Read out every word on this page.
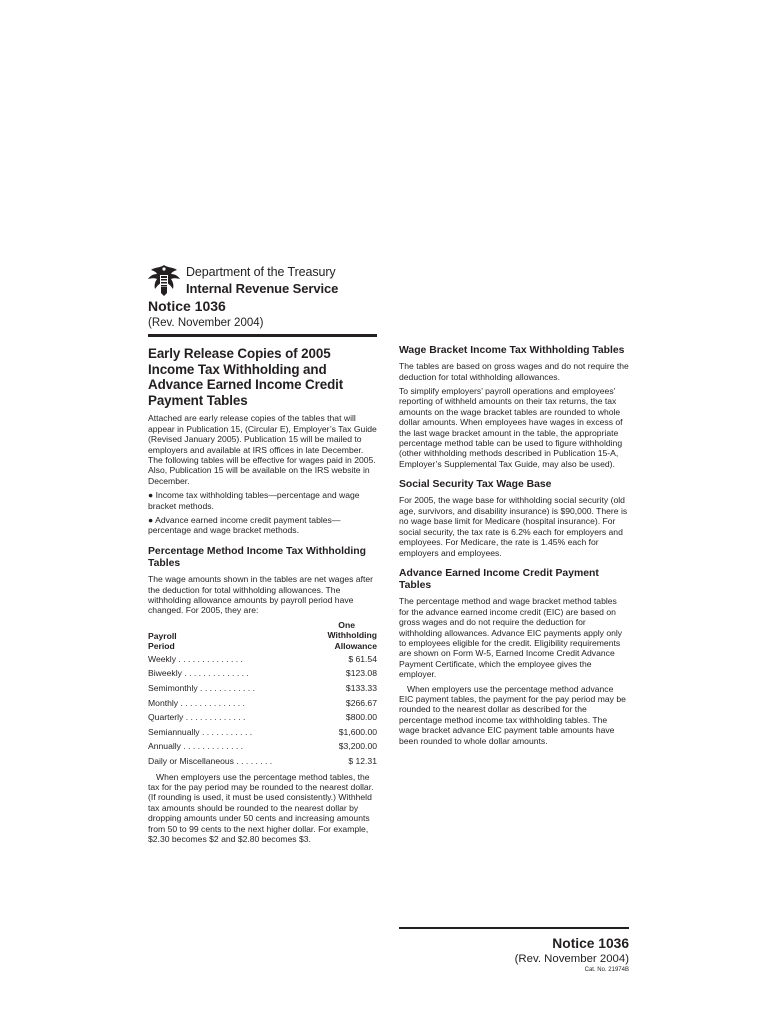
Department of the Treasury
Internal Revenue Service
Notice 1036
(Rev. November 2004)
Early Release Copies of 2005 Income Tax Withholding and Advance Earned Income Credit Payment Tables
Attached are early release copies of the tables that will appear in Publication 15, (Circular E), Employer’s Tax Guide (Revised January 2005). Publication 15 will be mailed to employers and available at IRS offices in late December. The following tables will be effective for wages paid in 2005. Also, Publication 15 will be available on the IRS website in December.
● Income tax withholding tables—percentage and wage bracket methods.
● Advance earned income credit payment tables—percentage and wage bracket methods.
Percentage Method Income Tax Withholding Tables
The wage amounts shown in the tables are net wages after the deduction for total withholding allowances. The withholding allowance amounts by payroll period have changed. For 2005, they are:
Payroll
Period
One
Withholding
Allowance
Weekly . . . . . . . . . . . . . .	$ 61.54
Biweekly . . . . . . . . . . . . . .	$123.08
Semimonthly . . . . . . . . . . . .	$133.33
Monthly . . . . . . . . . . . . . .	$266.67
Quarterly . . . . . . . . . . . . .	$800.00
Semiannually . . . . . . . . . . .	$1,600.00
Annually . . . . . . . . . . . . .	$3,200.00
Daily or Miscellaneous . . . . . . . .	$ 12.31
When employers use the percentage method tables, the tax for the pay period may be rounded to the nearest dollar. (If rounding is used, it must be used consistently.) Withheld tax amounts should be rounded to the nearest dollar by dropping amounts under 50 cents and increasing amounts from 50 to 99 cents to the next higher dollar. For example, $2.30 becomes $2 and $2.80 becomes $3.
Wage Bracket Income Tax Withholding Tables
The tables are based on gross wages and do not require the deduction for total withholding allowances.
To simplify employers’ payroll operations and employees’ reporting of withheld amounts on their tax returns, the tax amounts on the wage bracket tables are rounded to whole dollar amounts. When employees have wages in excess of the last wage bracket amount in the table, the appropriate percentage method table can be used to figure withholding (other withholding methods described in Publication 15-A, Employer’s Supplemental Tax Guide, may also be used).
Social Security Tax Wage Base
For 2005, the wage base for withholding social security (old age, survivors, and disability insurance) is $90,000. There is no wage base limit for Medicare (hospital insurance). For social security, the tax rate is 6.2% each for employers and employees. For Medicare, the rate is 1.45% each for employers and employees.
Advance Earned Income Credit Payment Tables
The percentage method and wage bracket method tables for the advance earned income credit (EIC) are based on gross wages and do not require the deduction for withholding allowances. Advance EIC payments apply only to employees eligible for the credit. Eligibility requirements are shown on Form W-5, Earned Income Credit Advance Payment Certificate, which the employee gives the employer.
When employers use the percentage method advance EIC payment tables, the payment for the pay period may be rounded to the nearest dollar as described for the percentage method income tax withholding tables. The wage bracket advance EIC payment table amounts have been rounded to whole dollar amounts.
Notice 1036
(Rev. November 2004)
Cat. No. 21974B
